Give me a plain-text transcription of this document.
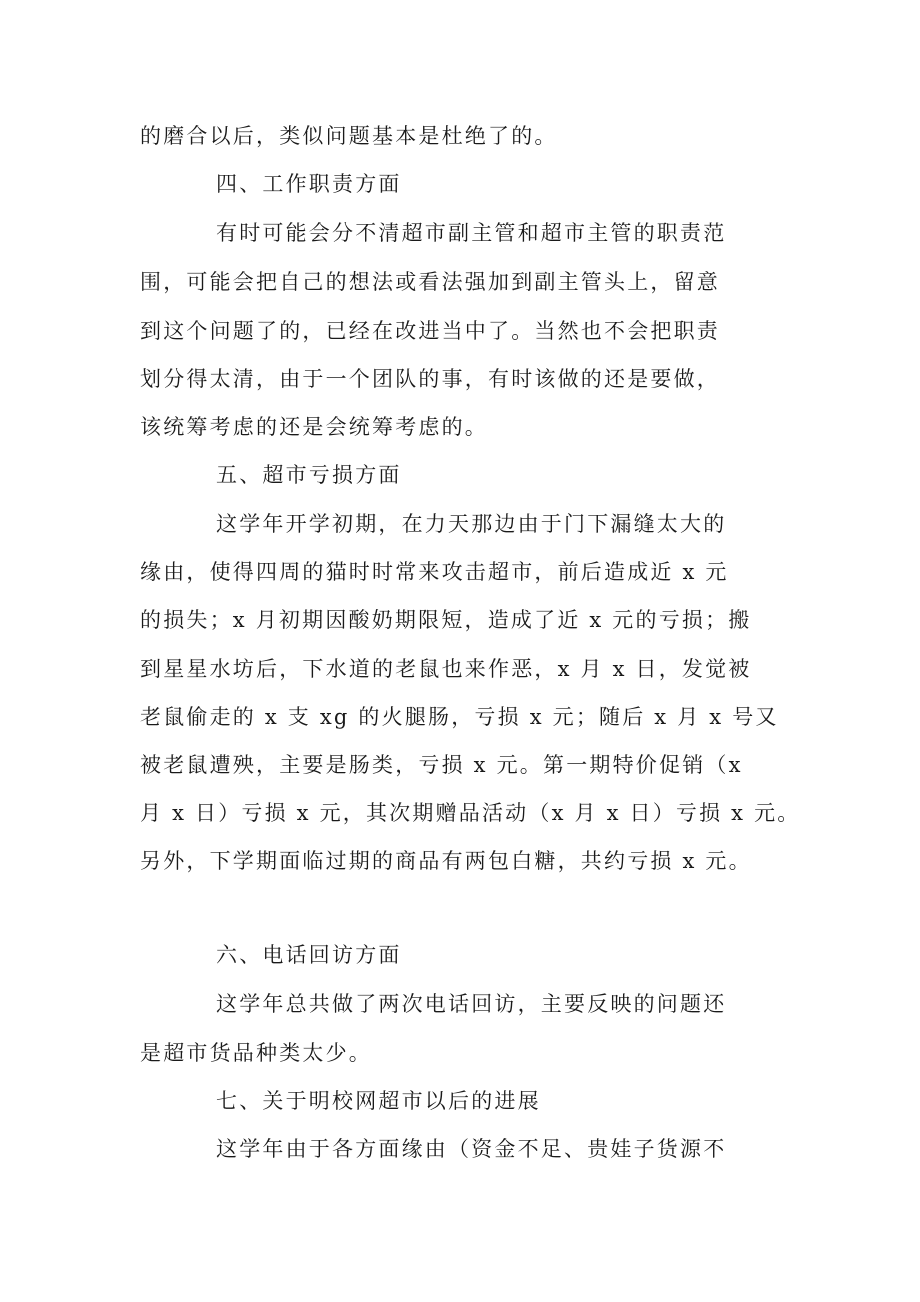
的磨合以后，类似问题基本是杜绝了的。
四、工作职责方面
有时可能会分不清超市副主管和超市主管的职责范
围，可能会把自己的想法或看法强加到副主管头上，留意
到这个问题了的，已经在改进当中了。当然也不会把职责
划分得太清，由于一个团队的事，有时该做的还是要做，
该统筹考虑的还是会统筹考虑的。
五、超市亏损方面
这学年开学初期，在力天那边由于门下漏缝太大的
缘由，使得四周的猫时时常来攻击超市，前后造成近 x 元
的损失；x 月初期因酸奶期限短，造成了近 x 元的亏损；搬
到星星水坊后，下水道的老鼠也来作恶，x 月 x 日，发觉被
老鼠偷走的 x 支 xg 的火腿肠，亏损 x 元；随后 x 月 x 号又
被老鼠遭殃，主要是肠类，亏损 x 元。第一期特价促销（x
月 x 日）亏损 x 元，其次期赠品活动（x 月 x 日）亏损 x 元。
另外，下学期面临过期的商品有两包白糖，共约亏损 x 元。
六、电话回访方面
这学年总共做了两次电话回访，主要反映的问题还
是超市货品种类太少。
七、关于明校网超市以后的进展
这学年由于各方面缘由（资金不足、贵娃子货源不
